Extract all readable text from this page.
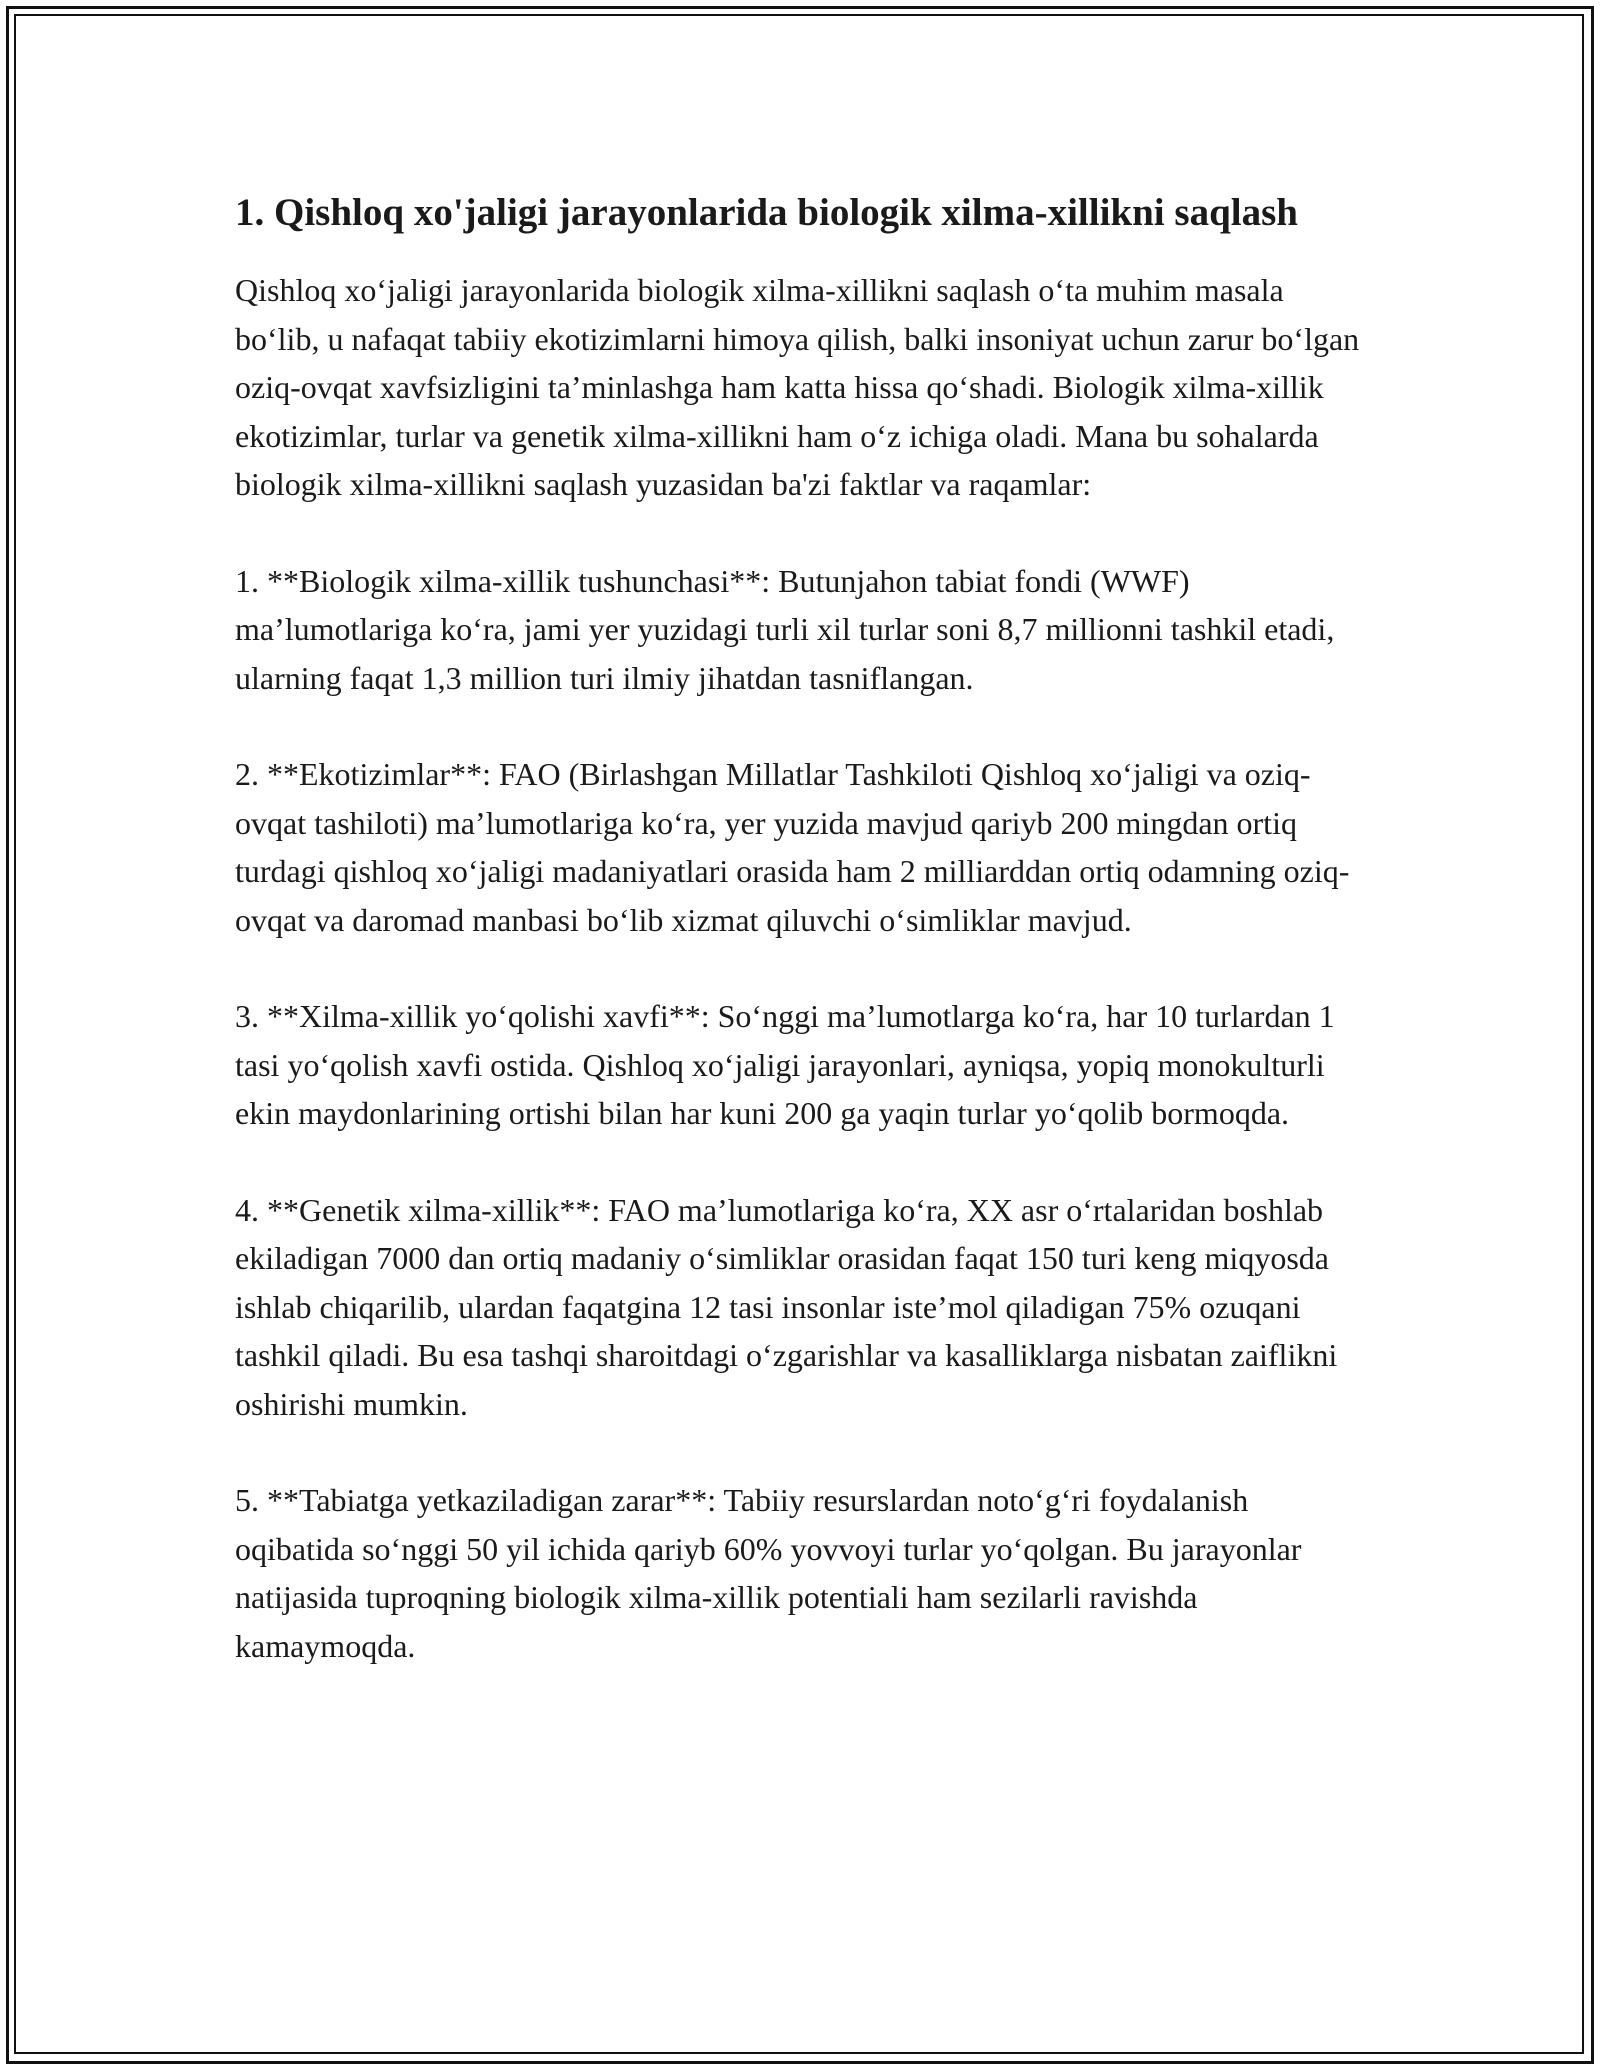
1. Qishloq xo'jaligi jarayonlarida biologik xilma-xillikni saqlash

Qishloq xoʻjaligi jarayonlarida biologik xilma-xillikni saqlash oʻta muhim masala boʻlib, u nafaqat tabiiy ekotizimlarni himoya qilish, balki insoniyat uchun zarur boʻlgan oziq-ovqat xavfsizligini taʼminlashga ham katta hissa qoʻshadi. Biologik xilma-xillik ekotizimlar, turlar va genetik xilma-xillikni ham oʻz ichiga oladi. Mana bu sohalarda biologik xilma-xillikni saqlash yuzasidan ba'zi faktlar va raqamlar:

1. **Biologik xilma-xillik tushunchasi**: Butunjahon tabiat fondi (WWF) maʼlumotlariga koʻra, jami yer yuzidagi turli xil turlar soni 8,7 millionni tashkil etadi, ularning faqat 1,3 million turi ilmiy jihatdan tasniflangan.

2. **Ekotizimlar**: FAO (Birlashgan Millatlar Tashkiloti Qishloq xoʻjaligi va oziq-ovqat tashiloti) maʼlumotlariga koʻra, yer yuzida mavjud qariyb 200 mingdan ortiq turdagi qishloq xoʻjaligi madaniyatlari orasida ham 2 milliarddan ortiq odamning oziq-ovqat va daromad manbasi boʻlib xizmat qiluvchi oʻsimliklar mavjud.

3. **Xilma-xillik yoʻqolishi xavfi**: Soʻnggi maʼlumotlarga koʻra, har 10 turlardan 1 tasi yoʻqolish xavfi ostida. Qishloq xoʻjaligi jarayonlari, ayniqsa, yopiq monokulturli ekin maydonlarining ortishi bilan har kuni 200 ga yaqin turlar yoʻqolib bormoqda.

4. **Genetik xilma-xillik**: FAO maʼlumotlariga koʻra, XX asr oʻrtalaridan boshlab ekiladigan 7000 dan ortiq madaniy oʻsimliklar orasidan faqat 150 turi keng miqyosda ishlab chiqarilib, ulardan faqatgina 12 tasi insonlar isteʼmol qiladigan 75% ozuqani tashkil qiladi. Bu esa tashqi sharoitdagi oʻzgarishlar va kasalliklarga nisbatan zaiflikni oshirishi mumkin.

5. **Tabiatga yetkaziladigan zarar**: Tabiiy resurslardan notoʻgʻri foydalanish oqibatida soʻnggi 50 yil ichida qariyb 60% yovvoyi turlar yoʻqolgan. Bu jarayonlar natijasida tuproqning biologik xilma-xillik potentiali ham sezilarli ravishda kamaymoqda.
